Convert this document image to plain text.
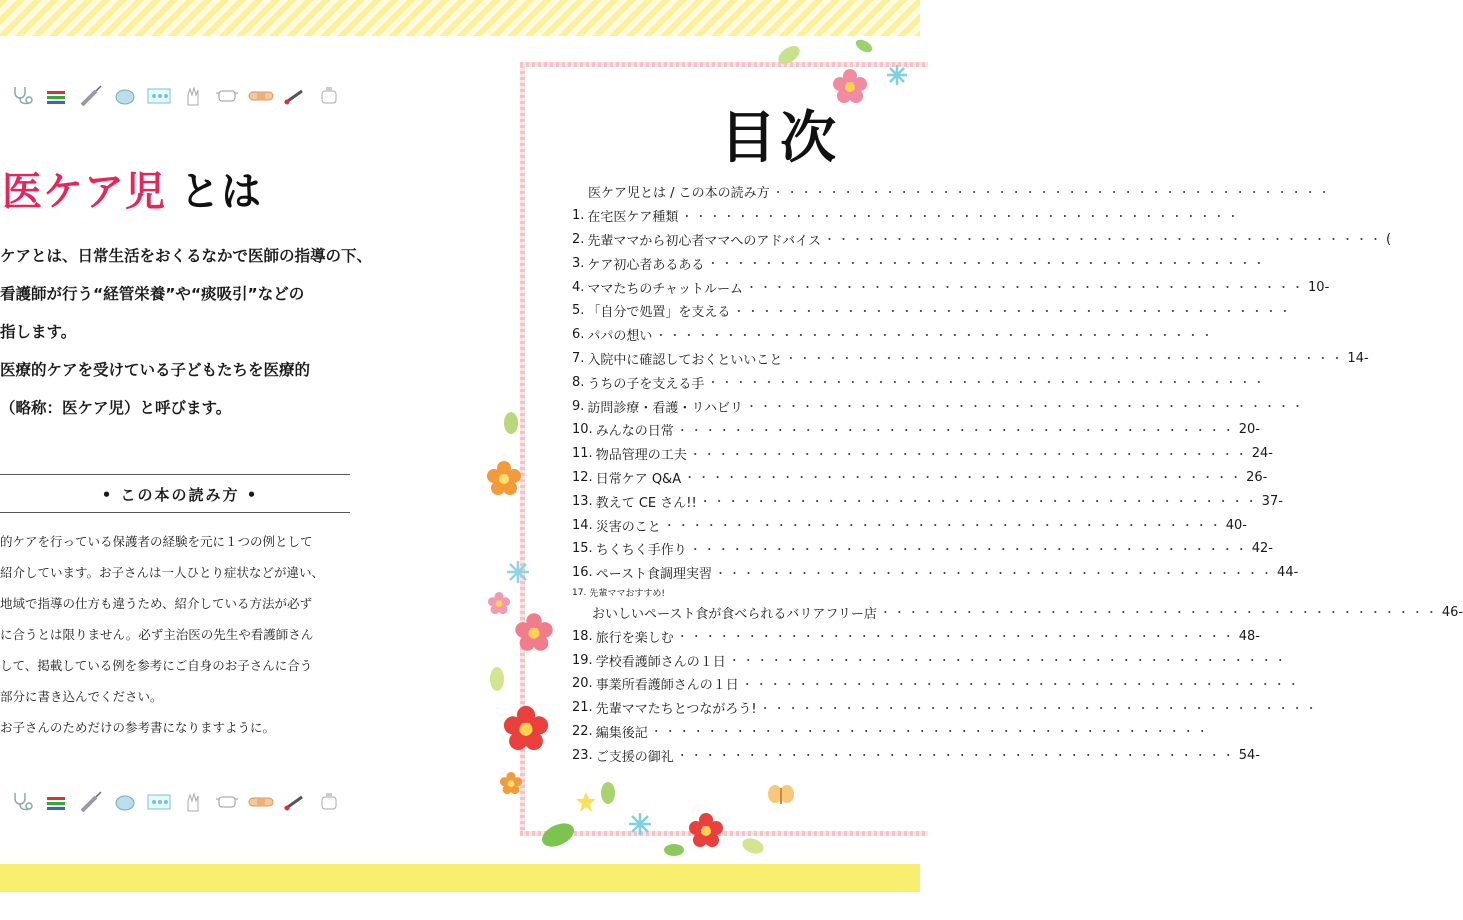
医ケア児 とは

ケアとは、日常生活をおくるなかで医師の指導の下、

看護師が行う“経管栄養”や“痰吸引”などの

指します。

医療的ケアを受けている子どもたちを医療的

（略称：医ケア児）と呼びます。

• この本の読み方 •

的ケアを行っている保護者の経験を元に１つの例として

紹介しています。お子さんは一人ひとり症状などが違い、

地域で指導の仕方も違うため、紹介している方法が必ず

に合うとは限りません。必ず主治医の先生や看護師さん

して、掲載している例を参考にご自身のお子さんに合う

部分に書き込んでください。

お子さんのためだけの参考書になりますように。

目次
医ケア児とは / この本の読み方 ・・・・・・・・・・・・・・・・・・・・・・・・・・・・・・・・・・・・・・・・
1. 在宅医ケア種類 ・・・・・・・・・・・・・・・・・・・・・・・・・・・・・・・・・・・・・・・・
2. 先輩ママから初心者ママへのアドバイス ・・・・・・・・・・・・・・・・・・・・・・・・・・・・・・・・・・・・・・・・ (
3. ケア初心者あるある ・・・・・・・・・・・・・・・・・・・・・・・・・・・・・・・・・・・・・・・・
4. ママたちのチャットルーム ・・・・・・・・・・・・・・・・・・・・・・・・・・・・・・・・・・・・・・・・ 10-
5. 「自分で処置」を支える ・・・・・・・・・・・・・・・・・・・・・・・・・・・・・・・・・・・・・・・・
6. パパの想い ・・・・・・・・・・・・・・・・・・・・・・・・・・・・・・・・・・・・・・・・
7. 入院中に確認しておくといいこと ・・・・・・・・・・・・・・・・・・・・・・・・・・・・・・・・・・・・・・・・ 14-
8. うちの子を支える手 ・・・・・・・・・・・・・・・・・・・・・・・・・・・・・・・・・・・・・・・・
9. 訪問診療・看護・リハビリ ・・・・・・・・・・・・・・・・・・・・・・・・・・・・・・・・・・・・・・・・
10. みんなの日常 ・・・・・・・・・・・・・・・・・・・・・・・・・・・・・・・・・・・・・・・・ 20-
11. 物品管理の工夫 ・・・・・・・・・・・・・・・・・・・・・・・・・・・・・・・・・・・・・・・・ 24-
12. 日常ケア Q&A ・・・・・・・・・・・・・・・・・・・・・・・・・・・・・・・・・・・・・・・・ 26-
13. 教えて CE さん!! ・・・・・・・・・・・・・・・・・・・・・・・・・・・・・・・・・・・・・・・・ 37-
14. 災害のこと ・・・・・・・・・・・・・・・・・・・・・・・・・・・・・・・・・・・・・・・・ 40-
15. ちくちく手作り ・・・・・・・・・・・・・・・・・・・・・・・・・・・・・・・・・・・・・・・・ 42-
16. ペースト食調理実習 ・・・・・・・・・・・・・・・・・・・・・・・・・・・・・・・・・・・・・・・・ 44-
17. 先輩ママおすすめ!
おいしいペースト食が食べられるバリアフリー店 ・・・・・・・・・・・・・・・・・・・・・・・・・・・・・・・・・・・・・・・・ 46-
18. 旅行を楽しむ ・・・・・・・・・・・・・・・・・・・・・・・・・・・・・・・・・・・・・・・・ 48-
19. 学校看護師さんの１日 ・・・・・・・・・・・・・・・・・・・・・・・・・・・・・・・・・・・・・・・・
20. 事業所看護師さんの１日 ・・・・・・・・・・・・・・・・・・・・・・・・・・・・・・・・・・・・・・・・
21. 先輩ママたちとつながろう! ・・・・・・・・・・・・・・・・・・・・・・・・・・・・・・・・・・・・・・・・
22. 編集後記 ・・・・・・・・・・・・・・・・・・・・・・・・・・・・・・・・・・・・・・・・
23. ご支援の御礼 ・・・・・・・・・・・・・・・・・・・・・・・・・・・・・・・・・・・・・・・・ 54-
